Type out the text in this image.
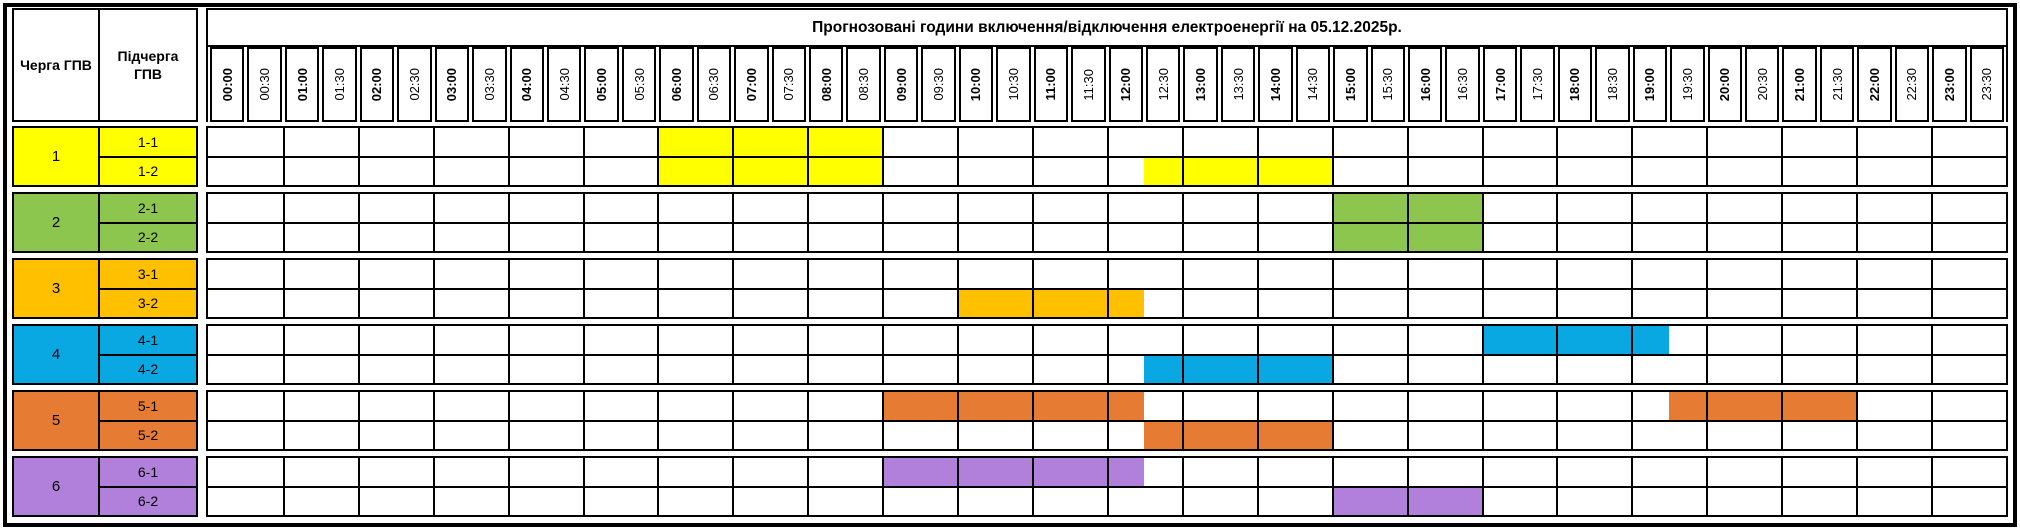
Черга ГПВ
Підчерга ГПВ
Прогнозовані години включення/відключення електроенергії на 05.12.2025р.
00:00 00:30 01:00 01:30 02:00 02:30 03:00 03:30 04:00 04:30 05:00 05:30 06:00 06:30 07:00 07:30 08:00 08:30 09:00 09:30 10:00 10:30 11:00 11:30 12:00 12:30 13:00 13:30 14:00 14:30 15:00 15:30 16:00 16:30 17:00 17:30 18:00 18:30 19:00 19:30 20:00 20:30 21:00 21:30 22:00 22:30 23:00 23:30
1
1-1
1-2
2
2-1
2-2
3
3-1
3-2
4
4-1
4-2
5
5-1
5-2
6
6-1
6-2
